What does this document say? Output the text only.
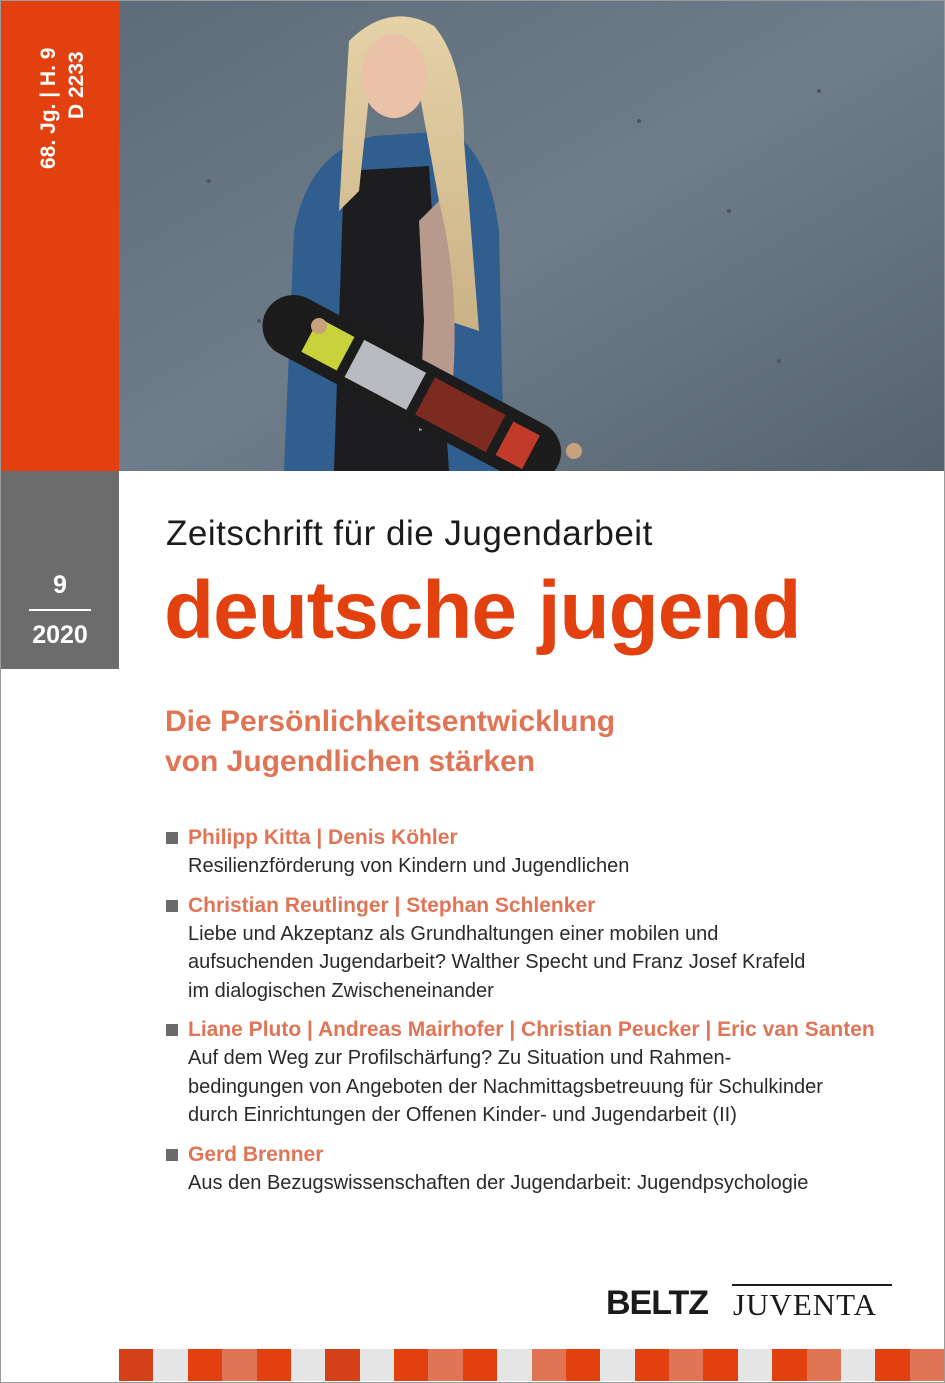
68. Jg. | H. 9 D 2233
9
2020
Zeitschrift für die Jugendarbeit
deutsche jugend
Die Persönlichkeitsentwicklung
von Jugendlichen stärken
Philipp Kitta | Denis Köhler
Resilienzförderung von Kindern und Jugendlichen
Christian Reutlinger | Stephan Schlenker
Liebe und Akzeptanz als Grundhaltungen einer mobilen und
aufsuchenden Jugendarbeit? Walther Specht und Franz Josef Krafeld
im dialogischen Zwischeneinander
Liane Pluto | Andreas Mairhofer | Christian Peucker | Eric van Santen
Auf dem Weg zur Profilschärfung? Zu Situation und Rahmen-
bedingungen von Angeboten der Nachmittagsbetreuung für Schulkinder
durch Einrichtungen der Offenen Kinder- und Jugendarbeit (II)
Gerd Brenner
Aus den Bezugswissenschaften der Jugendarbeit: Jugendpsychologie
BELTZ JUVENTA
